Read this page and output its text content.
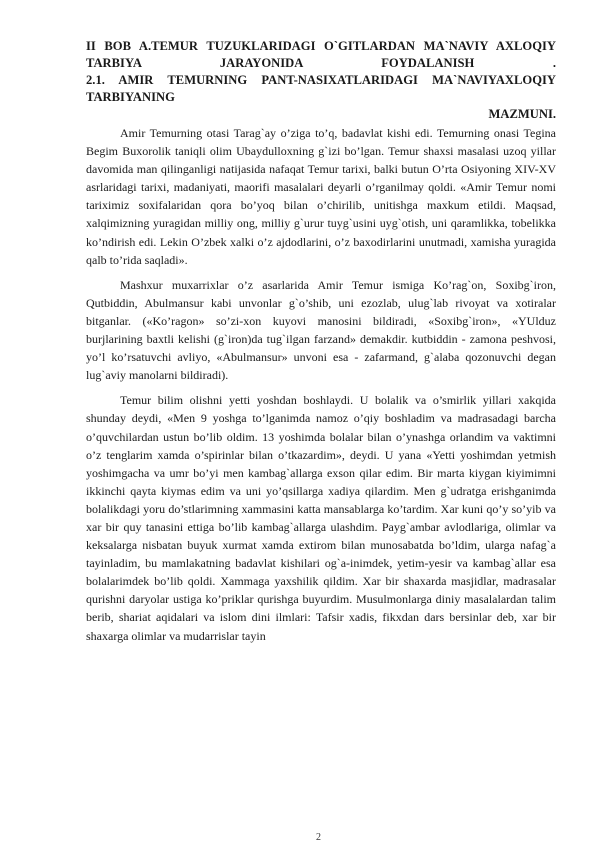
II BOB A.TEMUR TUZUKLARIDAGI O`GITLARDAN MA`NAVIY AXLOQIY TARBIYA JARAYONIDA FOYDALANISH .

2.1. AMIR TEMURNING PANT-NASIXATLARIDAGI MA`NAVIYAXLOQIY TARBIYANING

MAZMUNI.

Amir Temurning otasi Tarag`ay o’ziga to’q, badavlat kishi edi. Temurning onasi Tegina Begim Buxorolik taniqli olim Ubaydulloxning g`izi bo’lgan. Temur shaxsi masalasi uzoq yillar davomida man qilinganligi natijasida nafaqat Temur tarixi, balki butun O’rta Osiyoning XIV-XV asrlaridagi tarixi, madaniyati, maorifi masalalari deyarli o’rganilmay qoldi. «Amir Temur nomi tariximiz soxifalaridan qora bo’yoq bilan o’chirilib, unitishga maxkum etildi. Maqsad, xalqimizning yuragidan milliy ong, milliy g`urur tuyg`usini uyg`otish, uni qaramlikka, tobelikka ko’ndirish edi. Lekin O’zbek xalki o’z ajdodlarini, o’z baxodirlarini unutmadi, xamisha yuragida qalb to’rida saqladi».

Mashxur muxarrixlar o’z asarlarida Amir Temur ismiga Ko’rag`on, Soxibg`iron, Qutbiddin, Abulmansur kabi unvonlar g`o’shib, uni ezozlab, ulug`lab rivoyat va xotiralar bitganlar. («Ko’ragon» so’zi-xon kuyovi manosini bildiradi, «Soxibg`iron», «YUlduz burjlarining baxtli kelishi (g`iron)da tug`ilgan farzand» demakdir. kutbiddin - zamona peshvosi, yo’l ko’rsatuvchi avliyo, «Abulmansur» unvoni esa - zafarmand, g`alaba qozonuvchi degan lug`aviy manolarni bildiradi).

Temur bilim olishni yetti yoshdan boshlaydi. U bolalik va o’smirlik yillari xakqida shunday deydi, «Men 9 yoshga to’lganimda namoz o’qiy boshladim va madrasadagi barcha o’quvchilardan ustun bo’lib oldim. 13 yoshimda bolalar bilan o’ynashga orlandim va vaktimni o’z tenglarim xamda o’spirinlar bilan o’tkazardim», deydi. U yana «Yetti yoshimdan yetmish yoshimgacha va umr bo’yi men kambag`allarga exson qilar edim. Bir marta kiygan kiyimimni ikkinchi qayta kiymas edim va uni yo’qsillarga xadiya qilardim. Men g`udratga erishganimda bolalikdagi yoru do’stlarimning xammasini katta mansablarga ko’tardim. Xar kuni qo’y so’yib va xar bir quy tanasini ettiga bo’lib kambag`allarga ulashdim. Payg`ambar avlodlariga, olimlar va keksalarga nisbatan buyuk xurmat xamda extirom bilan munosabatda bo’ldim, ularga nafag`a tayinladim, bu mamlakatning badavlat kishilari og`a-inimdek, yetim-yesir va kambag`allar esa bolalarimdek bo’lib qoldi. Xammaga yaxshilik qildim. Xar bir shaxarda masjidlar, madrasalar qurishni daryolar ustiga ko’priklar qurishga buyurdim. Musulmonlarga diniy masalalardan talim berib, shariat aqidalari va islom dini ilmlari: Tafsir xadis, fikxdan dars bersinlar deb, xar bir shaxarga olimlar va mudarrislar tayin

2
